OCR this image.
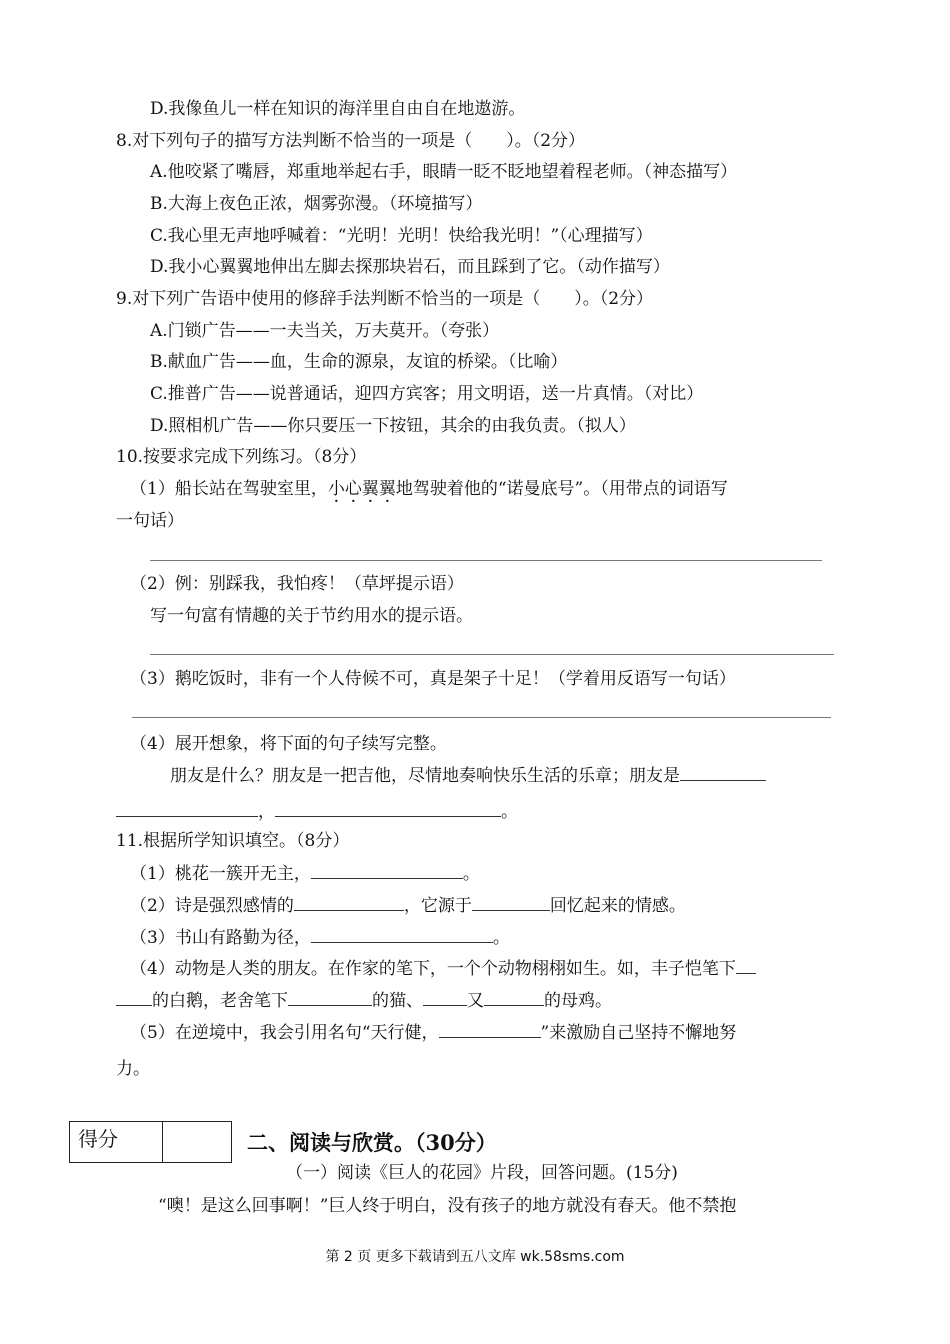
D.我像鱼儿一样在知识的海洋里自由自在地遨游。
8.对下列句子的描写方法判断不恰当的一项是（　　）。（2分）
A.他咬紧了嘴唇，郑重地举起右手，眼睛一眨不眨地望着程老师。（神态描写）
B.大海上夜色正浓，烟雾弥漫。（环境描写）
C.我心里无声地呼喊着：“光明！光明！快给我光明！”（心理描写）
D.我小心翼翼地伸出左脚去探那块岩石，而且踩到了它。（动作描写）
9.对下列广告语中使用的修辞手法判断不恰当的一项是（　　）。（2分）
A.门锁广告——一夫当关，万夫莫开。（夸张）
B.献血广告——血，生命的源泉，友谊的桥梁。（比喻）
C.推普广告——说普通话，迎四方宾客；用文明语，送一片真情。（对比）
D.照相机广告——你只要压一下按钮，其余的由我负责。（拟人）
10.按要求完成下列练习。（8分）
（1）船长站在驾驶室里，小心翼翼地驾驶着他的“诺曼底号”。（用带点的词语写
一句话）
（2）例：别踩我，我怕疼！（草坪提示语）
写一句富有情趣的关于节约用水的提示语。
（3）鹅吃饭时，非有一个人侍候不可，真是架子十足！（学着用反语写一句话）
（4）展开想象，将下面的句子续写完整。
朋友是什么？朋友是一把吉他，尽情地奏响快乐生活的乐章；朋友是
，	。
11.根据所学知识填空。（8分）
（1）桃花一簇开无主，	。
（2）诗是强烈感情的	，它源于	回忆起来的情感。
（3）书山有路勤为径，	。
（4）动物是人类的朋友。在作家的笔下，一个个动物栩栩如生。如，丰子恺笔下
的白鹅，老舍笔下	的猫、	又	的母鸡。
（5）在逆境中，我会引用名句“天行健，	”来激励自己坚持不懈地努
力。
得分	二、阅读与欣赏。（30分）
（一）阅读《巨人的花园》片段，回答问题。(15分)
“噢！是这么回事啊！”巨人终于明白，没有孩子的地方就没有春天。他不禁抱
第 2 页 更多下载请到五八文库 wk.58sms.com
